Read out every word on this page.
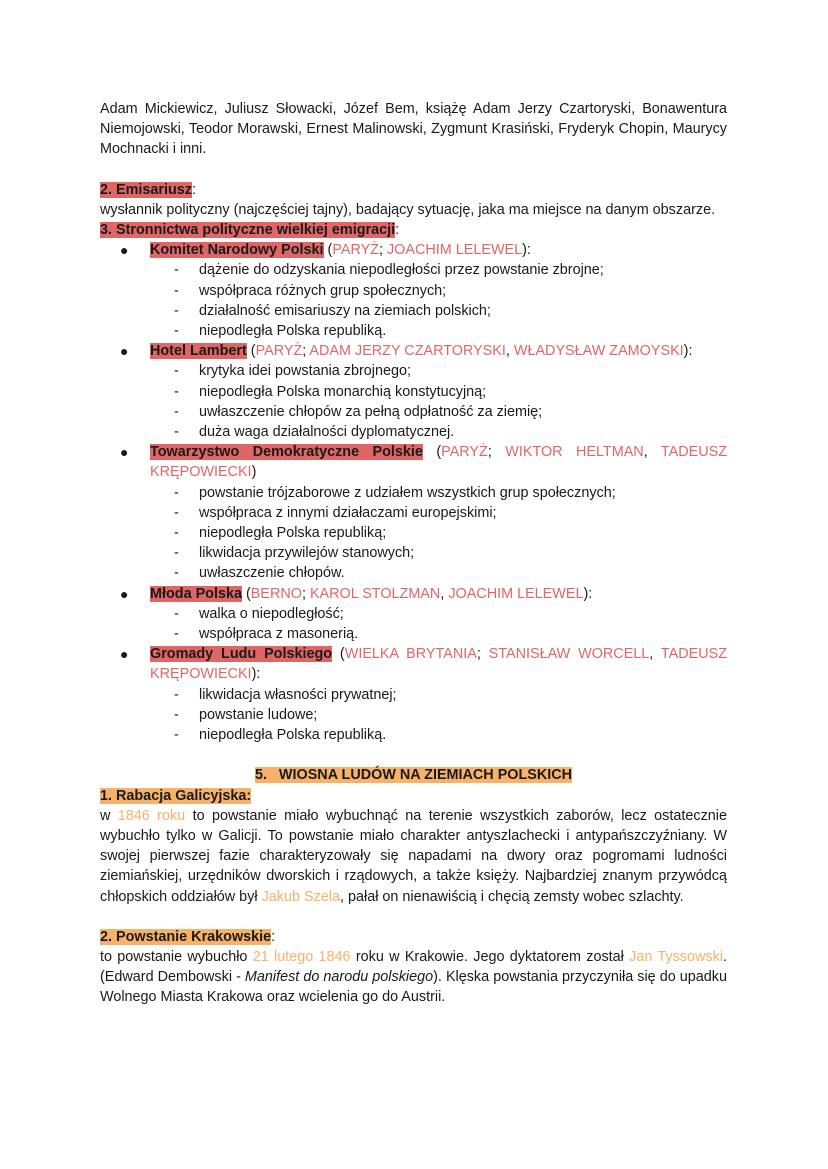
Adam Mickiewicz, Juliusz Słowacki, Józef Bem, książę Adam Jerzy Czartoryski, Bonawentura Niemojowski, Teodor Morawski, Ernest Malinowski, Zygmunt Krasiński, Fryderyk Chopin, Maurycy Mochnacki i inni.

2. Emisariusz:

wysłannik polityczny (najczęściej tajny), badający sytuację, jaka ma miejsce na danym obszarze.

3. Stronnictwa polityczne wielkiej emigracji:

● Komitet Narodowy Polski (PARYŻ; JOACHIM LELEWEL):

- dążenie do odzyskania niepodległości przez powstanie zbrojne;
- współpraca różnych grup społecznych;
- działalność emisariuszy na ziemiach polskich;
- niepodległa Polska republiką.
● Hotel Lambert (PARYŻ; ADAM JERZY CZARTORYSKI, WŁADYSŁAW ZAMOYSKI):

- krytyka idei powstania zbrojnego;
- niepodległa Polska monarchią konstytucyjną;
- uwłaszczenie chłopów za pełną odpłatność za ziemię;
- duża waga działalności dyplomatycznej.
● Towarzystwo Demokratyczne Polskie (PARYŻ; WIKTOR HELTMAN, TADEUSZ KRĘPOWIECKI)

- powstanie trójzaborowe z udziałem wszystkich grup społecznych;
- współpraca z innymi działaczami europejskimi;
- niepodległa Polska republiką;
- likwidacja przywilejów stanowych;
- uwłaszczenie chłopów.
● Młoda Polska (BERNO; KAROL STOLZMAN, JOACHIM LELEWEL):

- walka o niepodległość;
- współpraca z masonerią.
● Gromady Ludu Polskiego (WIELKA BRYTANIA; STANISŁAW WORCELL, TADEUSZ KRĘPOWIECKI):

- likwidacja własności prywatnej;
- powstanie ludowe;
- niepodległa Polska republiką.

5.   WIOSNA LUDÓW NA ZIEMIACH POLSKICH

1. Rabacja Galicyjska:

w 1846 roku to powstanie miało wybuchnąć na terenie wszystkich zaborów, lecz ostatecznie wybuchło tylko w Galicji. To powstanie miało charakter antyszlachecki i antypańszczyźniany. W swojej pierwszej fazie charakteryzowały się napadami na dwory oraz pogromami ludności ziemiańskiej, urzędników dworskich i rządowych, a także księży. Najbardziej znanym przywódcą chłopskich oddziałów był Jakub Szela, pałał on nienawiścią i chęcią zemsty wobec szlachty.

2. Powstanie Krakowskie:

to powstanie wybuchło 21 lutego 1846 roku w Krakowie. Jego dyktatorem został Jan Tyssowski. (Edward Dembowski - Manifest do narodu polskiego). Klęska powstania przyczyniła się do upadku Wolnego Miasta Krakowa oraz wcielenia go do Austrii.
